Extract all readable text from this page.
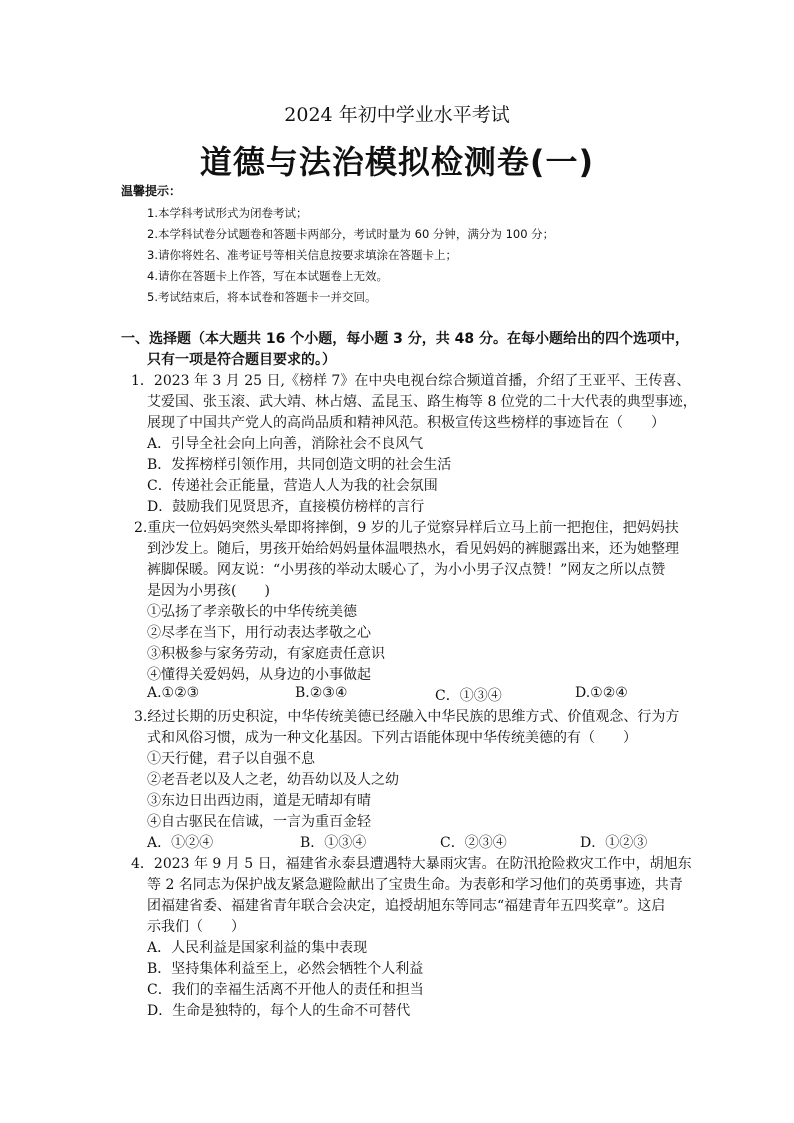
2024 年初中学业水平考试
道德与法治模拟检测卷(一)
温馨提示：
1.本学科考试形式为闭卷考试；
2.本学科试卷分试题卷和答题卡两部分，考试时量为 60 分钟，满分为 100 分；
3.请你将姓名、准考证号等相关信息按要求填涂在答题卡上；
4.请你在答题卡上作答，写在本试题卷上无效。
5.考试结束后，将本试卷和答题卡一并交回。
一、选择题（本大题共 16 个小题，每小题 3 分，共 48 分。在每小题给出的四个选项中，
只有一项是符合题目要求的。）
1．2023 年 3 月 25 日,《榜样 7》在中央电视台综合频道首播，介绍了王亚平、王传喜、
艾爱国、张玉滚、武大靖、林占熺、孟昆玉、路生梅等 8 位党的二十大代表的典型事迹，
展现了中国共产党人的高尚品质和精神风范。积极宣传这些榜样的事迹旨在（　　）
A．引导全社会向上向善，消除社会不良风气
B．发挥榜样引领作用，共同创造文明的社会生活
C．传递社会正能量，营造人人为我的社会氛围
D．鼓励我们见贤思齐，直接模仿榜样的言行
2.重庆一位妈妈突然头晕即将摔倒，9 岁的儿子觉察异样后立马上前一把抱住，把妈妈扶
到沙发上。随后，男孩开始给妈妈量体温喂热水，看见妈妈的裤腿露出来，还为她整理
裤脚保暖。网友说：“小男孩的举动太暖心了，为小小男子汉点赞！”网友之所以点赞
是因为小男孩(　　)
①弘扬了孝亲敬长的中华传统美德
②尽孝在当下，用行动表达孝敬之心
③积极参与家务劳动，有家庭责任意识
④懂得关爱妈妈，从身边的小事做起
A.①②③	B.②③④	C．①③④	D.①②④
3.经过长期的历史积淀，中华传统美德已经融入中华民族的思维方式、价值观念、行为方
式和风俗习惯，成为一种文化基因。下列古语能体现中华传统美德的有（　　）
①天行健，君子以自强不息
②老吾老以及人之老，幼吾幼以及人之幼
③东边日出西边雨，道是无晴却有晴
④自古驱民在信诚，一言为重百金轻
A．①②④	B．①③④	C．②③④	D．①②③
4．2023 年 9 月 5 日，福建省永泰县遭遇特大暴雨灾害。在防汛抢险救灾工作中，胡旭东
等 2 名同志为保护战友紧急避险献出了宝贵生命。为表彰和学习他们的英勇事迹，共青
团福建省委、福建省青年联合会决定，追授胡旭东等同志“福建青年五四奖章”。这启
示我们（　　）
A．人民利益是国家利益的集中表现
B．坚持集体利益至上，必然会牺牲个人利益
C．我们的幸福生活离不开他人的责任和担当
D．生命是独特的，每个人的生命不可替代
